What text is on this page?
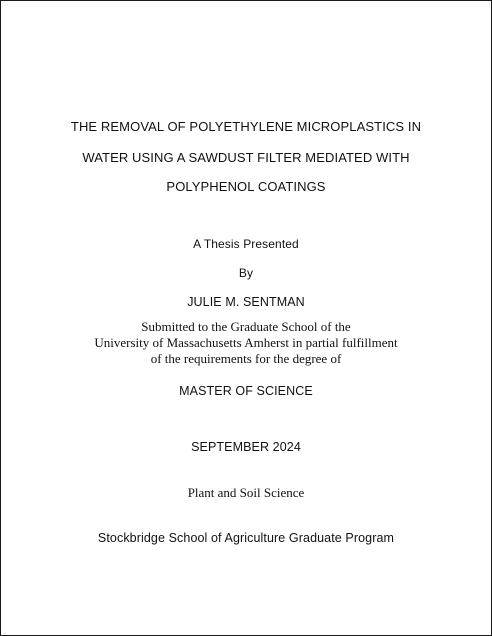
THE REMOVAL OF POLYETHYLENE MICROPLASTICS IN
WATER USING A SAWDUST FILTER MEDIATED WITH
POLYPHENOL COATINGS
A Thesis Presented
By
JULIE M. SENTMAN
Submitted to the Graduate School of the
University of Massachusetts Amherst in partial fulfillment
of the requirements for the degree of
MASTER OF SCIENCE
SEPTEMBER 2024
Plant and Soil Science
Stockbridge School of Agriculture Graduate Program
